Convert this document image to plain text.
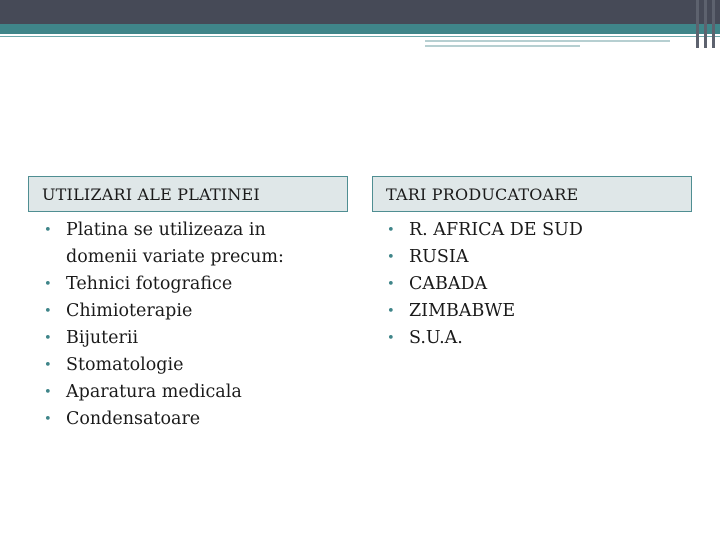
UTILIZARI ALE PLATINEI	TARI PRODUCATOARE
• Platina se utilizeaza in domenii variate precum:
• Tehnici fotografice
• Chimioterapie
• Bijuterii
• Stomatologie
• Aparatura medicala
• Condensatoare
• R. AFRICA DE SUD
• RUSIA
• CABADA
• ZIMBABWE
• S.U.A.
